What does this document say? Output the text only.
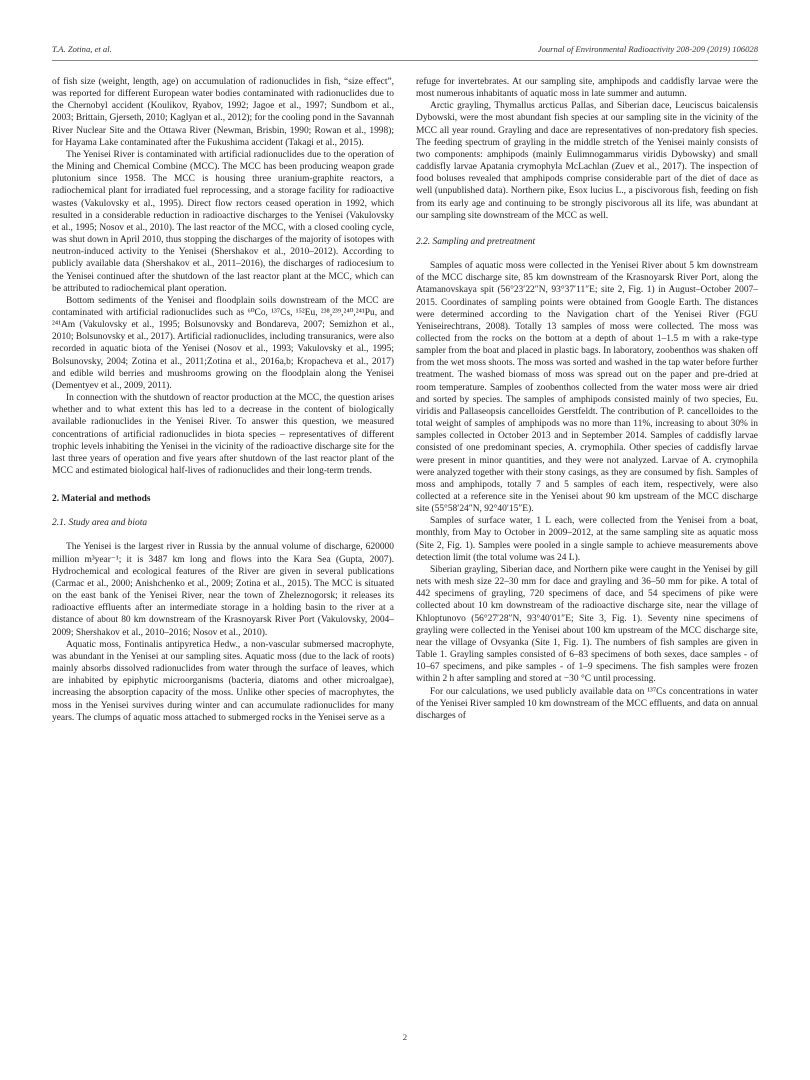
T.A. Zotina, et al.	Journal of Environmental Radioactivity 208-209 (2019) 106028

of fish size (weight, length, age) on accumulation of radionuclides in fish, “size effect”, was reported for different European water bodies contaminated with radionuclides due to the Chernobyl accident (Koulikov, Ryabov, 1992; Jagoe et al., 1997; Sundbom et al., 2003; Brittain, Gjerseth, 2010; Kaglyan et al., 2012); for the cooling pond in the Savannah River Nuclear Site and the Ottawa River (Newman, Brisbin, 1990; Rowan et al., 1998); for Hayama Lake contaminated after the Fukushima accident (Takagi et al., 2015).

The Yenisei River is contaminated with artificial radionuclides due to the operation of the Mining and Chemical Combine (MCC). The MCC has been producing weapon grade plutonium since 1958. The MCC is housing three uranium-graphite reactors, a radiochemical plant for irradiated fuel reprocessing, and a storage facility for radioactive wastes (Vakulovsky et al., 1995). Direct flow rectors ceased operation in 1992, which resulted in a considerable reduction in radioactive discharges to the Yenisei (Vakulovsky et al., 1995; Nosov et al., 2010). The last reactor of the MCC, with a closed cooling cycle, was shut down in April 2010, thus stopping the discharges of the majority of isotopes with neutron-induced activity to the Yenisei (Shershakov et al., 2010–2012). According to publicly available data (Shershakov et al., 2011–2016), the discharges of radiocesium to the Yenisei continued after the shutdown of the last reactor plant at the MCC, which can be attributed to radiochemical plant operation.

Bottom sediments of the Yenisei and floodplain soils downstream of the MCC are contaminated with artificial radionuclides such as ⁶⁰Co, ¹³⁷Cs, ¹⁵²Eu, ²³⁸,²³⁹,²⁴⁰,²⁴¹Pu, and ²⁴¹Am (Vakulovsky et al., 1995; Bolsunovsky and Bondareva, 2007; Semizhon et al., 2010; Bolsunovsky et al., 2017). Artificial radionuclides, including transuranics, were also recorded in aquatic biota of the Yenisei (Nosov et al., 1993; Vakulovsky et al., 1995; Bolsunovsky, 2004; Zotina et al., 2011;Zotina et al., 2016a,b; Kropacheva et al., 2017) and edible wild berries and mushrooms growing on the floodplain along the Yenisei (Dementyev et al., 2009, 2011).

In connection with the shutdown of reactor production at the MCC, the question arises whether and to what extent this has led to a decrease in the content of biologically available radionuclides in the Yenisei River. To answer this question, we measured concentrations of artificial radionuclides in biota species – representatives of different trophic levels inhabiting the Yenisei in the vicinity of the radioactive discharge site for the last three years of operation and five years after shutdown of the last reactor plant of the MCC and estimated biological half-lives of radionuclides and their long-term trends.

2. Material and methods
2.1. Study area and biota

The Yenisei is the largest river in Russia by the annual volume of discharge, 620000 million m³year⁻¹; it is 3487 km long and flows into the Kara Sea (Gupta, 2007). Hydrochemical and ecological features of the River are given in several publications (Carmac et al., 2000; Anishchenko et al., 2009; Zotina et al., 2015). The MCC is situated on the east bank of the Yenisei River, near the town of Zheleznogorsk; it releases its radioactive effluents after an intermediate storage in a holding basin to the river at a distance of about 80 km downstream of the Krasnoyarsk River Port (Vakulovsky, 2004–2009; Shershakov et al., 2010–2016; Nosov et al., 2010).

Aquatic moss, Fontinalis antipyretica Hedw., a non-vascular submersed macrophyte, was abundant in the Yenisei at our sampling sites. Aquatic moss (due to the lack of roots) mainly absorbs dissolved radionuclides from water through the surface of leaves, which are inhabited by epiphytic microorganisms (bacteria, diatoms and other microalgae), increasing the absorption capacity of the moss. Unlike other species of macrophytes, the moss in the Yenisei survives during winter and can accumulate radionuclides for many years. The clumps of aquatic moss attached to submerged rocks in the Yenisei serve as a

refuge for invertebrates. At our sampling site, amphipods and caddisfly larvae were the most numerous inhabitants of aquatic moss in late summer and autumn.

Arctic grayling, Thymallus arcticus Pallas, and Siberian dace, Leuciscus baicalensis Dybowski, were the most abundant fish species at our sampling site in the vicinity of the MCC all year round. Grayling and dace are representatives of non-predatory fish species. The feeding spectrum of grayling in the middle stretch of the Yenisei mainly consists of two components: amphipods (mainly Eulimnogammarus viridis Dybowsky) and small caddisfly larvae Apatania crymophyla McLachlan (Zuev et al., 2017). The inspection of food boluses revealed that amphipods comprise considerable part of the diet of dace as well (unpublished data). Northern pike, Esox lucius L., a piscivorous fish, feeding on fish from its early age and continuing to be strongly piscivorous all its life, was abundant at our sampling site downstream of the MCC as well.

2.2. Sampling and pretreatment

Samples of aquatic moss were collected in the Yenisei River about 5 km downstream of the MCC discharge site, 85 km downstream of the Krasnoyarsk River Port, along the Atamanovskaya spit (56°23′22″N, 93°37′11″E; site 2, Fig. 1) in August–October 2007–2015. Coordinates of sampling points were obtained from Google Earth. The distances were determined according to the Navigation chart of the Yenisei River (FGU Yeniseirechtrans, 2008). Totally 13 samples of moss were collected. The moss was collected from the rocks on the bottom at a depth of about 1–1.5 m with a rake-type sampler from the boat and placed in plastic bags. In laboratory, zoobenthos was shaken off from the wet moss shoots. The moss was sorted and washed in the tap water before further treatment. The washed biomass of moss was spread out on the paper and pre-dried at room temperature. Samples of zoobenthos collected from the water moss were air dried and sorted by species. The samples of amphipods consisted mainly of two species, Eu. viridis and Pallaseopsis cancelloides Gerstfeldt. The contribution of P. cancelloides to the total weight of samples of amphipods was no more than 11%, increasing to about 30% in samples collected in October 2013 and in September 2014. Samples of caddisfly larvae consisted of one predominant species, A. crymophila. Other species of caddisfly larvae were present in minor quantities, and they were not analyzed. Larvae of A. crymophila were analyzed together with their stony casings, as they are consumed by fish. Samples of moss and amphipods, totally 7 and 5 samples of each item, respectively, were also collected at a reference site in the Yenisei about 90 km upstream of the MCC discharge site (55°58′24″N, 92°40′15″E).

Samples of surface water, 1 L each, were collected from the Yenisei from a boat, monthly, from May to October in 2009–2012, at the same sampling site as aquatic moss (Site 2, Fig. 1). Samples were pooled in a single sample to achieve measurements above detection limit (the total volume was 24 L).

Siberian grayling, Siberian dace, and Northern pike were caught in the Yenisei by gill nets with mesh size 22–30 mm for dace and grayling and 36–50 mm for pike. A total of 442 specimens of grayling, 720 specimens of dace, and 54 specimens of pike were collected about 10 km downstream of the radioactive discharge site, near the village of Khloptunovo (56°27′28″N, 93°40′01″E; Site 3, Fig. 1). Seventy nine specimens of grayling were collected in the Yenisei about 100 km upstream of the MCC discharge site, near the village of Ovsyanka (Site 1, Fig. 1). The numbers of fish samples are given in Table 1. Grayling samples consisted of 6–83 specimens of both sexes, dace samples - of 10–67 specimens, and pike samples - of 1–9 specimens. The fish samples were frozen within 2 h after sampling and stored at −30 °C until processing.

For our calculations, we used publicly available data on ¹³⁷Cs concentrations in water of the Yenisei River sampled 10 km downstream of the MCC effluents, and data on annual discharges of

2
